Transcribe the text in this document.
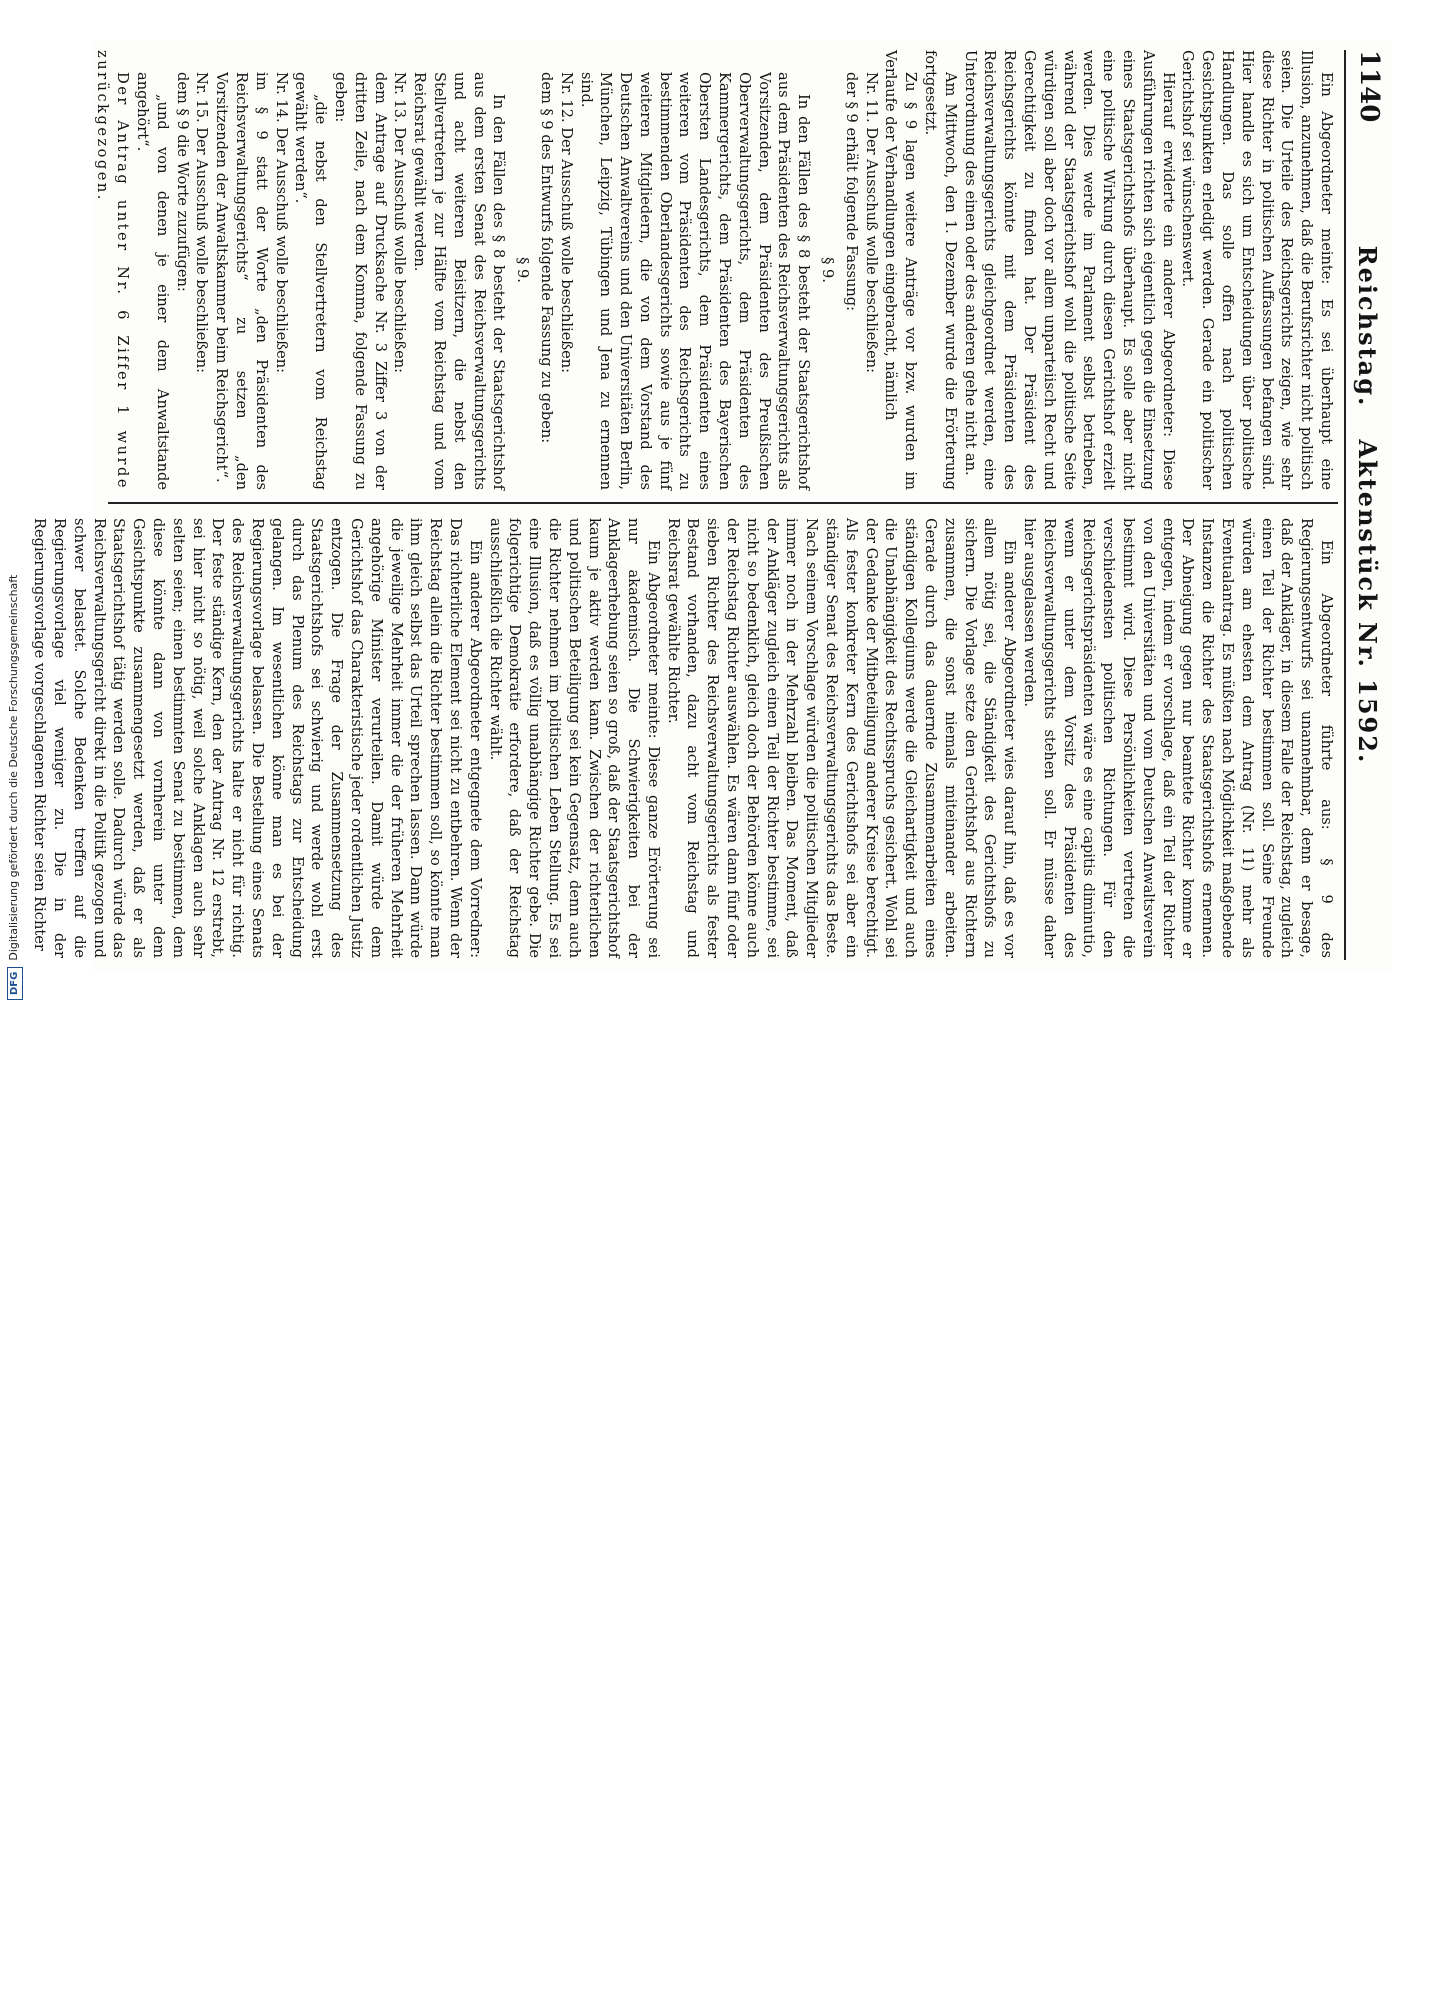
1140
Reichstag.Aktenstück Nr. 1592.

Ein Abgeordneter meinte: Es sei überhaupt eine Illusion, anzunehmen, daß die Berufsrichter nicht politisch seien. Die Urteile des Reichsgerichts zeigen, wie sehr diese Richter in politischen Auffassungen befangen sind. Hier handle es sich um Entscheidungen über politische Handlungen. Das solle offen nach politischen Gesichtspunkten erledigt werden. Gerade ein politischer Gerichtshof sei wünschenswert.

Hierauf erwiderte ein anderer Abgeordneter: Diese Ausführungen richten sich eigentlich gegen die Einsetzung eines Staatsgerichtshofs überhaupt. Es solle aber nicht eine politische Wirkung durch diesen Gerichtshof erzielt werden. Dies werde im Parlament selbst betrieben, während der Staatsgerichtshof wohl die politische Seite würdigen soll aber doch vor allem unparteiisch Recht und Gerechtigkeit zu finden hat. Der Präsident des Reichsgerichts könnte mit dem Präsidenten des Reichsverwaltungsgerichts gleichgeordnet werden, eine Unterordnung des einen oder des anderen gehe nicht an.

Am Mittwoch, den 1. Dezember wurde die Erörterung fortgesetzt.

Zu § 9 lagen weitere Anträge vor bzw. wurden im Verlaufe der Verhandlungen eingebracht, nämlich

Nr. 11. Der Ausschuß wolle beschließen:

der § 9 erhält folgende Fassung:

§ 9.

In den Fällen des § 8 besteht der Staatsgerichtshof aus dem Präsidenten des Reichsverwaltungsgerichts als Vorsitzenden, dem Präsidenten des Preußischen Oberverwaltungsgerichts, dem Präsidenten des Kammergerichts, dem Präsidenten des Bayerischen Obersten Landesgerichts, dem Präsidenten eines weiteren vom Präsidenten des Reichsgerichts zu bestimmenden Oberlandesgerichts sowie aus je fünf weiteren Mitgliedern, die von dem Vorstand des Deutschen Anwaltvereins und den Universitäten Berlin, München, Leipzig, Tübingen und Jena zu ernennen sind.

Nr. 12. Der Ausschuß wolle beschließen:

dem § 9 des Entwurfs folgende Fassung zu geben:

§ 9.

In den Fällen des § 8 besteht der Staatsgerichtshof aus dem ersten Senat des Reichsverwaltungsgerichts und acht weiteren Beisitzern, die nebst den Stellvertretern je zur Hälfte vom Reichstag und vom Reichsrat gewählt werden.

Nr. 13. Der Ausschuß wolle beschließen:

dem Antrage auf Drucksache Nr. 3 Ziffer 3 von der dritten Zeile, nach dem Komma, folgende Fassung zu geben:

„die nebst den Stellvertretern vom Reichstag gewählt werden“.

Nr. 14. Der Ausschuß wolle beschließen:

im § 9 statt der Worte „den Präsidenten des Reichsverwaltungsgerichts“ zu setzen „den Vorsitzenden der Anwaltskammer beim Reichsgericht“.

Nr. 15. Der Ausschuß wolle beschließen:

dem § 9 die Worte zuzufügen:

„und von denen je einer dem Anwaltstande angehört“.

Der Antrag unter Nr. 6 Ziffer 1 wurde zurückgezogen.

Ein Abgeordneter führte aus: § 9 des Regierungsentwurfs sei unannehmbar, denn er besage, daß der Ankläger, in diesem Falle der Reichstag, zugleich einen Teil der Richter bestimmen soll. Seine Freunde würden am ehesten dem Antrag (Nr. 11) mehr als Eventualantrag. Es müßten nach Möglichkeit maßgebende Instanzen die Richter des Staatsgerichtshofs ernennen. Der Abneigung gegen nur beamtete Richter komme er entgegen, indem er vorschlage, daß ein Teil der Richter von den Universitäten und vom Deutschen Anwaltsverein bestimmt wird. Diese Persönlichkeiten vertreten die verschiedensten politischen Richtungen. Für den Reichsgerichtspräsidenten wäre es eine capitis diminutio, wenn er unter dem Vorsitz des Präsidenten des Reichsverwaltungsgerichts stehen soll. Er müsse daher hier ausgelassen werden.

Ein anderer Abgeordneter wies darauf hin, daß es vor allem nötig sei, die Ständigkeit des Gerichtshofs zu sichern. Die Vorlage setze den Gerichtshof aus Richtern zusammen, die sonst niemals miteinander arbeiten. Gerade durch das dauernde Zusammenarbeiten eines ständigen Kollegiums werde die Gleichartigkeit und auch die Unabhängigkeit des Rechtsspruchs gesichert. Wohl sei der Gedanke der Mitbeteiligung anderer Kreise berechtigt. Als fester konkreter Kern des Gerichtshofs sei aber ein ständiger Senat des Reichsverwaltungsgerichts das Beste. Nach seinem Vorschlage würden die politischen Mitglieder immer noch in der Mehrzahl bleiben. Das Moment, daß der Ankläger zugleich einen Teil der Richter bestimme, sei nicht so bedenklich, gleich doch der Behörden könne auch der Reichstag Richter auswählen. Es wären dann fünf oder sieben Richter des Reichsverwaltungsgerichts als fester Bestand vorhanden, dazu acht vom Reichstag und Reichsrat gewählte Richter.

Ein Abgeordneter meinte: Diese ganze Erörterung sei nur akademisch. Die Schwierigkeiten bei der Anklageerhebung seien so groß, daß der Staatsgerichtshof kaum je aktiv werden kann. Zwischen der richterlichen und politischen Beteiligung sei kein Gegensatz, denn auch die Richter nehmen im politischen Leben Stellung. Es sei eine Illusion, daß es völlig unabhängige Richter gebe. Die folgerichtige Demokratie erfordere, daß der Reichstag ausschließlich die Richter wählt.

Ein anderer Abgeordneter entgegnete dem Vorredner: Das richterliche Element sei nicht zu entbehren. Wenn der Reichstag allein die Richter bestimmen soll, so könnte man ihm gleich selbst das Urteil sprechen lassen. Dann würde die jeweilige Mehrheit immer die der früheren Mehrheit angehörige Minister verurteilen. Damit würde dem Gerichtshof das Charakteristische jeder ordentlichen Justiz entzogen. Die Frage der Zusammensetzung des Staatsgerichtshofs sei schwierig und werde wohl erst durch das Plenum des Reichstags zur Entscheidung gelangen. Im wesentlichen könne man es bei der Regierungsvorlage belassen. Die Bestellung eines Senats des Reichsverwaltungsgerichts halte er nicht für richtig. Der feste ständige Kern, den der Antrag Nr. 12 erstrebt, sei hier nicht so nötig, weil solche Anklagen auch sehr selten seien; einen bestimmten Senat zu bestimmen, dem diese könnte dann von vornherein unter dem Gesichtspunkte zusammengesetzt werden, daß er als Staatsgerichtshof tätig werden solle. Dadurch würde das Reichsverwaltungsgericht direkt in die Politik gezogen und schwer belastet. Solche Bedenken treffen auf die Regierungsvorlage viel weniger zu. Die in der Regierungsvorlage vorgeschlagenen Richter seien Richter

DFGDigitalisierung gefördert durch die Deutsche Forschungsgemeinschaft
